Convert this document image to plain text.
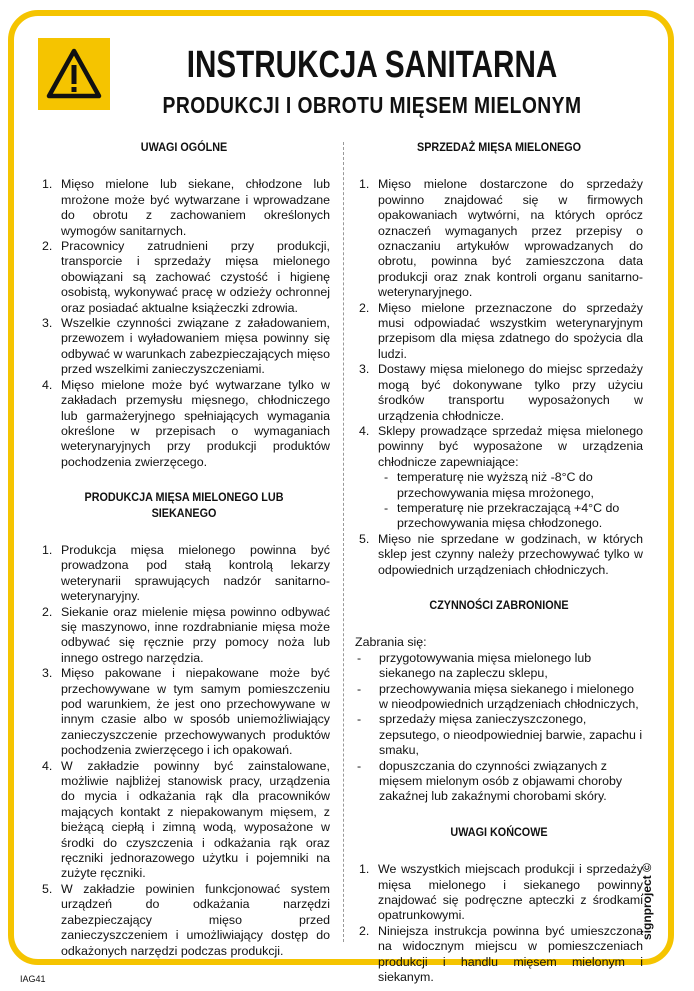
INSTRUKCJA SANITARNA
PRODUKCJI I OBROTU MIĘSEM MIELONYM
UWAGI OGÓLNE
1. Mięso mielone lub siekane, chłodzone lub mrożone może być wytwarzane i wprowadzane do obrotu z zachowaniem określonych wymogów sanitarnych.
2. Pracownicy zatrudnieni przy produkcji, transporcie i sprzedaży mięsa mielonego obowiązani są zachować czystość i higienę osobistą, wykonywać pracę w odzieży ochronnej oraz posiadać aktualne książeczki zdrowia.
3. Wszelkie czynności związane z załadowaniem, przewozem i wyładowaniem mięsa powinny się odbywać w warunkach zabezpieczających mięso przed wszelkimi zanieczyszczeniami.
4. Mięso mielone może być wytwarzane tylko w zakładach przemysłu mięsnego, chłodniczego lub garmażeryjnego spełniających wymagania określone w przepisach o wymaganiach weterynaryjnych przy produkcji produktów pochodzenia zwierzęcego.
PRODUKCJA MIĘSA MIELONEGO LUB SIEKANEGO
1. Produkcja mięsa mielonego powinna być prowadzona pod stałą kontrolą lekarzy weterynarii sprawujących nadzór sanitarno-weterynaryjny.
2. Siekanie oraz mielenie mięsa powinno odbywać się maszynowo, inne rozdrabnianie mięsa może odbywać się ręcznie przy pomocy noża lub innego ostrego narzędzia.
3. Mięso pakowane i niepakowane może być przechowywane w tym samym pomieszczeniu pod warunkiem, że jest ono przechowywane w innym czasie albo w sposób uniemożliwiający zanieczyszczenie przechowywanych produktów pochodzenia zwierzęcego i ich opakowań.
4. W zakładzie powinny być zainstalowane, możliwie najbliżej stanowisk pracy, urządzenia do mycia i odkażania rąk dla pracowników mających kontakt z niepakowanym mięsem, z bieżącą ciepłą i zimną wodą, wyposażone w środki do czyszczenia i odkażania rąk oraz ręczniki jednorazowego użytku i pojemniki na zużyte ręczniki.
5. W zakładzie powinien funkcjonować system urządzeń do odkażania narzędzi zabezpieczający mięso przed zanieczyszczeniem i umożliwiający dostęp do odkażonych narzędzi podczas produkcji.
SPRZEDAŻ MIĘSA MIELONEGO
1. Mięso mielone dostarczone do sprzedaży powinno znajdować się w firmowych opakowaniach wytwórni, na których oprócz oznaczeń wymaganych przez przepisy o oznaczaniu artykułów wprowadzanych do obrotu, powinna być zamieszczona data produkcji oraz znak kontroli organu sanitarno-weterynaryjnego.
2. Mięso mielone przeznaczone do sprzedaży musi odpowiadać wszystkim weterynaryjnym przepisom dla mięsa zdatnego do spożycia dla ludzi.
3. Dostawy mięsa mielonego do miejsc sprzedaży mogą być dokonywane tylko przy użyciu środków transportu wyposażonych w urządzenia chłodnicze.
4. Sklepy prowadzące sprzedaż mięsa mielonego powinny być wyposażone w urządzenia chłodnicze zapewniające:
- temperaturę nie wyższą niż -8°C do przechowywania mięsa mrożonego,
- temperaturę nie przekraczającą +4°C do przechowywania mięsa chłodzonego.
5. Mięso nie sprzedane w godzinach, w których sklep jest czynny należy przechowywać tylko w odpowiednich urządzeniach chłodniczych.
CZYNNOŚCI ZABRONIONE

Zabrania się:

- przygotowywania mięsa mielonego lub siekanego na zapleczu sklepu,
- przechowywania mięsa siekanego i mielonego w nieodpowiednich urządzeniach chłodniczych,
- sprzedaży mięsa zanieczyszczonego, zepsutego, o nieodpowiedniej barwie, zapachu i smaku,
- dopuszczania do czynności związanych z mięsem mielonym osób z objawami choroby zakaźnej lub zakaźnymi chorobami skóry.
UWAGI KOŃCOWE
1. We wszystkich miejscach produkcji i sprzedaży mięsa mielonego i siekanego powinny znajdować się podręczne apteczki z środkami opatrunkowymi.
2. Niniejsza instrukcja powinna być umieszczona na widocznym miejscu w pomieszczeniach produkcji i handlu mięsem mielonym i siekanym.
signproject ©
IAG41
